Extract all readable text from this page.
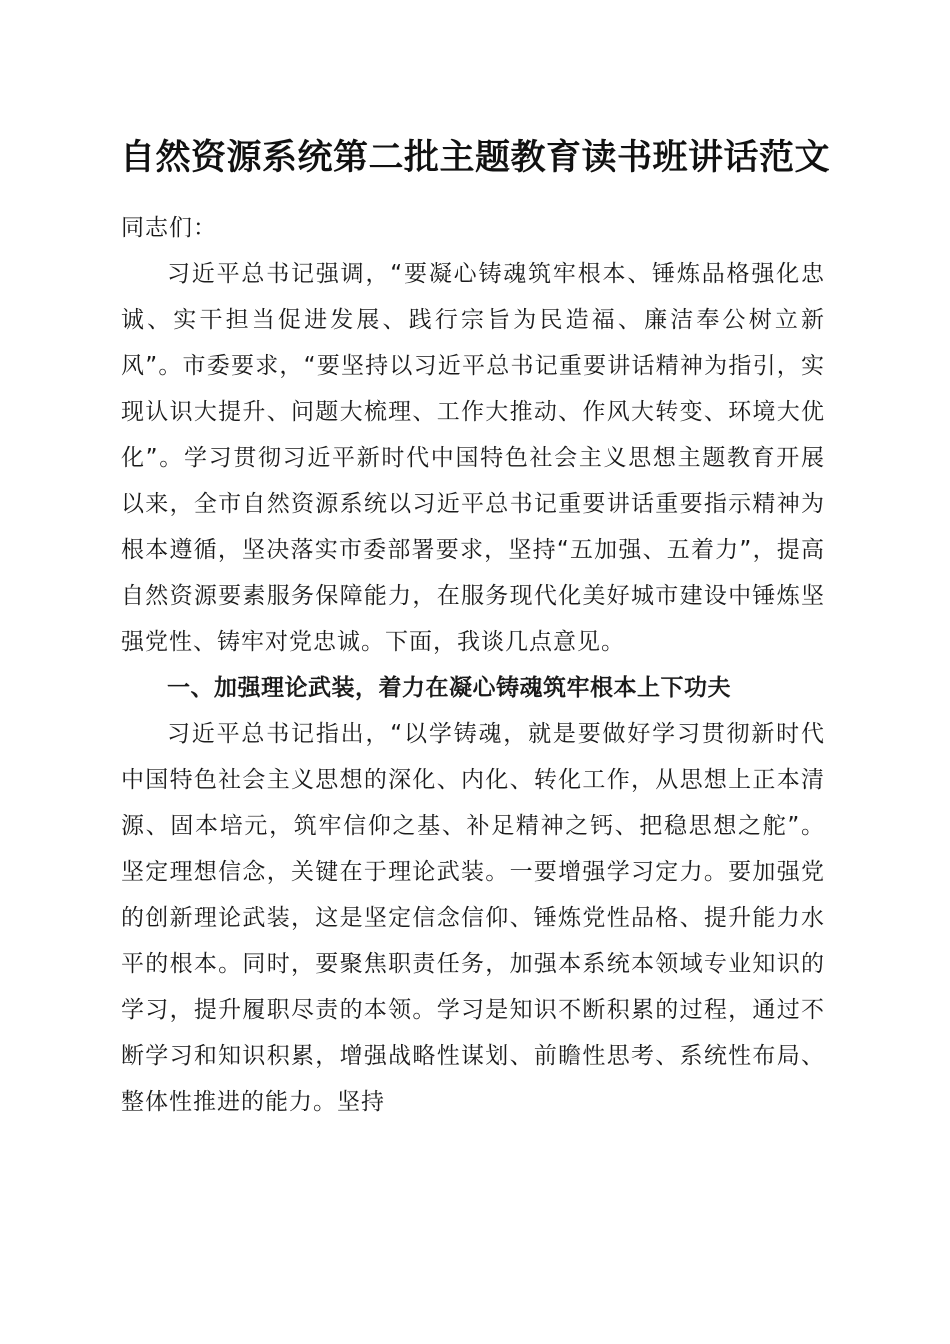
自然资源系统第二批主题教育读书班讲话范文

同志们：

习近平总书记强调，“要凝心铸魂筑牢根本、锤炼品格强化忠诚、实干担当促进发展、践行宗旨为民造福、廉洁奉公树立新风”。市委要求，“要坚持以习近平总书记重要讲话精神为指引，实现认识大提升、问题大梳理、工作大推动、作风大转变、环境大优化”。学习贯彻习近平新时代中国特色社会主义思想主题教育开展以来，全市自然资源系统以习近平总书记重要讲话重要指示精神为根本遵循，坚决落实市委部署要求，坚持“五加强、五着力”，提高自然资源要素服务保障能力，在服务现代化美好城市建设中锤炼坚强党性、铸牢对党忠诚。下面，我谈几点意见。

一、加强理论武装，着力在凝心铸魂筑牢根本上下功夫

习近平总书记指出，“以学铸魂，就是要做好学习贯彻新时代中国特色社会主义思想的深化、内化、转化工作，从思想上正本清源、固本培元，筑牢信仰之基、补足精神之钙、把稳思想之舵”。坚定理想信念，关键在于理论武装。一要增强学习定力。要加强党的创新理论武装，这是坚定信念信仰、锤炼党性品格、提升能力水平的根本。同时，要聚焦职责任务，加强本系统本领域专业知识的学习，提升履职尽责的本领。学习是知识不断积累的过程，通过不断学习和知识积累，增强战略性谋划、前瞻性思考、系统性布局、整体性推进的能力。坚持
